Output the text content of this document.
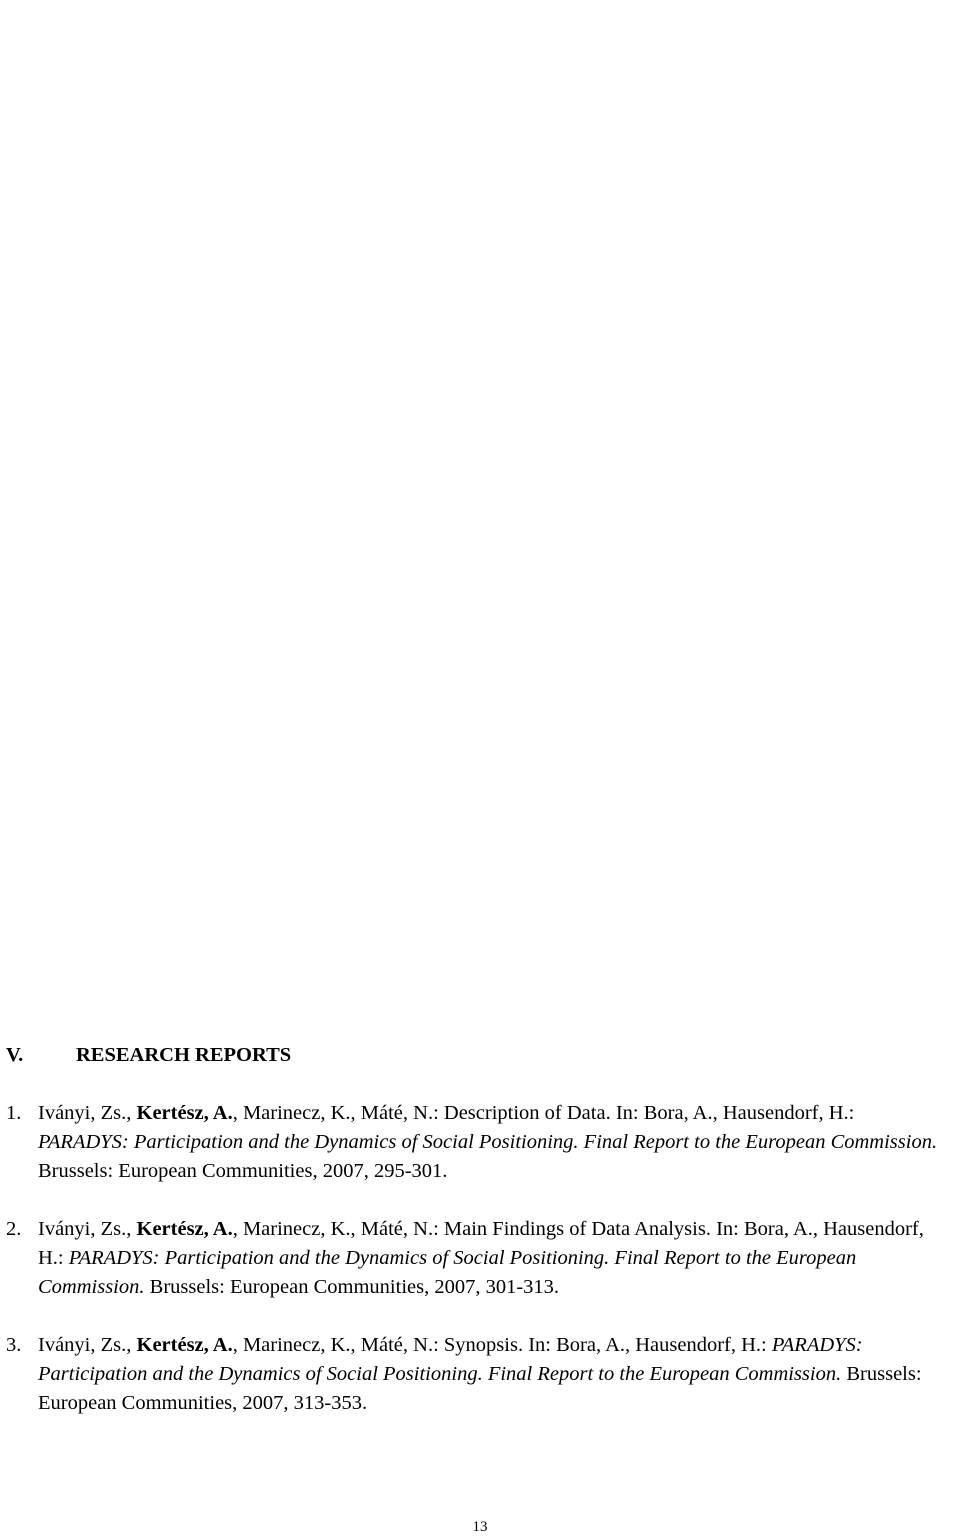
V.	RESEARCH REPORTS
1. Iványi, Zs., Kertész, A., Marinecz, K., Máté, N.: Description of Data. In: Bora, A., Hausendorf, H.: PARADYS: Participation and the Dynamics of Social Positioning. Final Report to the European Commission. Brussels: European Communities, 2007, 295-301.
2. Iványi, Zs., Kertész, A., Marinecz, K., Máté, N.: Main Findings of Data Analysis. In: Bora, A., Hausendorf, H.: PARADYS: Participation and the Dynamics of Social Positioning. Final Report to the European Commission. Brussels: European Communities, 2007, 301-313.
3. Iványi, Zs., Kertész, A., Marinecz, K., Máté, N.: Synopsis. In: Bora, A., Hausendorf, H.: PARADYS: Participation and the Dynamics of Social Positioning. Final Report to the European Commission. Brussels: European Communities, 2007, 313-353.
13
